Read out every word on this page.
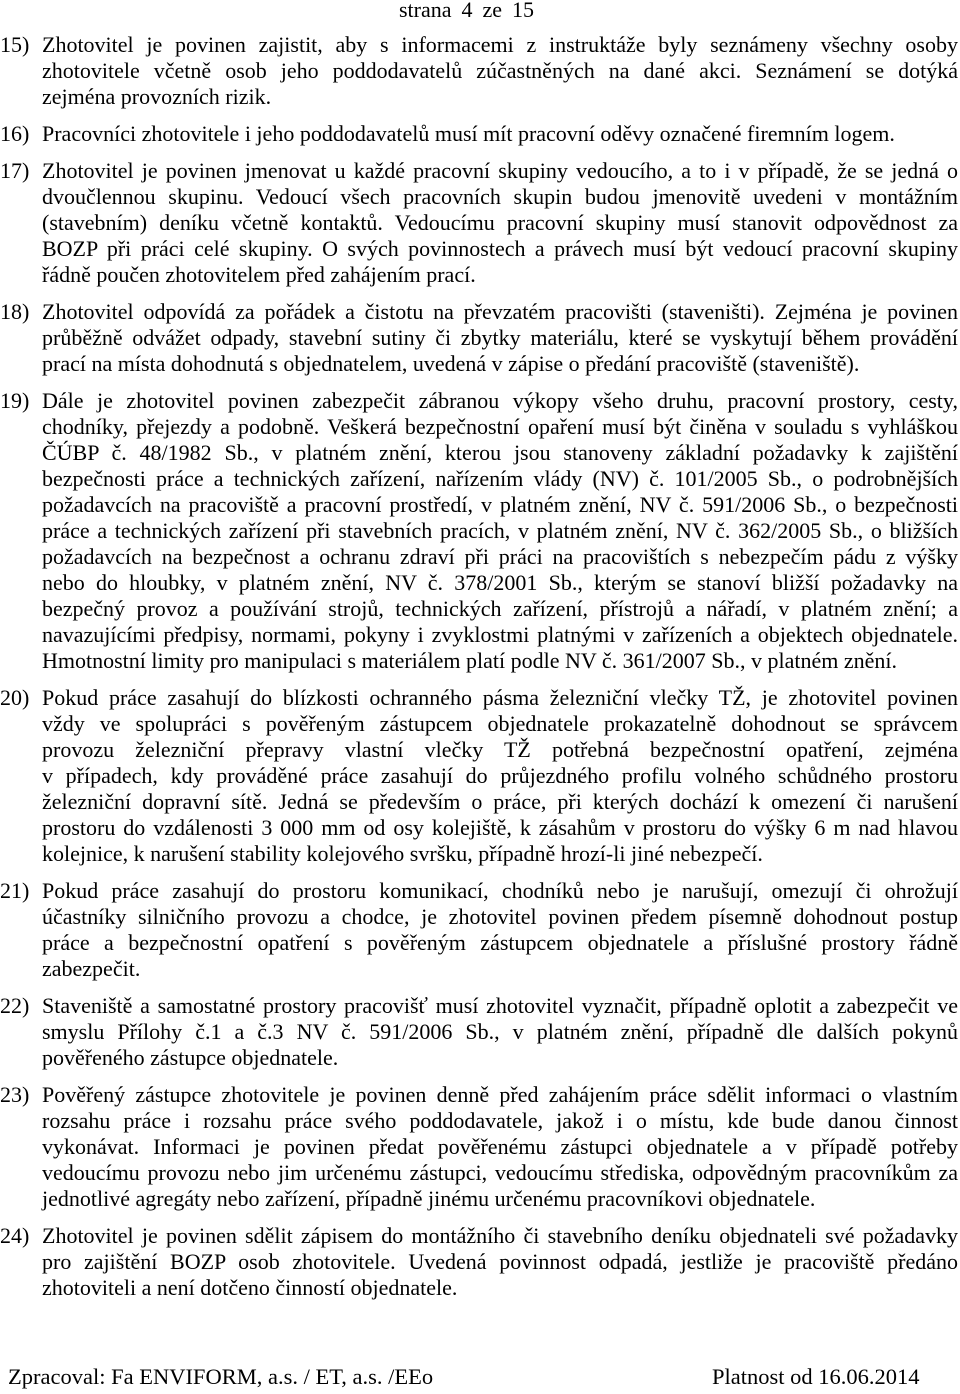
strana 4 ze 15
15) Zhotovitel je povinen zajistit, aby s informacemi z instruktáže byly seznámeny všechny osoby
zhotovitele včetně osob jeho poddodavatelů zúčastněných na dané akci. Seznámení se dotýká
zejména provozních rizik.
16) Pracovníci zhotovitele i jeho poddodavatelů musí mít pracovní oděvy označené firemním logem.
17) Zhotovitel je povinen jmenovat u každé pracovní skupiny vedoucího, a to i v případě, že se jedná o
dvoučlennou skupinu. Vedoucí všech pracovních skupin budou jmenovitě uvedeni v montážním
(stavebním) deníku včetně kontaktů. Vedoucímu pracovní skupiny musí stanovit odpovědnost za
BOZP při práci celé skupiny. O svých povinnostech a právech musí být vedoucí pracovní skupiny
řádně poučen zhotovitelem před zahájením prací.
18) Zhotovitel odpovídá za pořádek a čistotu na převzatém pracovišti (staveništi). Zejména je povinen
průběžně odvážet odpady, stavební sutiny či zbytky materiálu, které se vyskytují během provádění
prací na místa dohodnutá s objednatelem, uvedená v zápise o předání pracoviště (staveniště).
19) Dále je zhotovitel povinen zabezpečit zábranou výkopy všeho druhu, pracovní prostory, cesty,
chodníky, přejezdy a podobně. Veškerá bezpečnostní opaření musí být činěna v souladu s vyhláškou
ČÚBP č. 48/1982 Sb., v platném znění, kterou jsou stanoveny základní požadavky k zajištění
bezpečnosti práce a technických zařízení, nařízením vlády (NV) č. 101/2005 Sb., o podrobnějších
požadavcích na pracoviště a pracovní prostředí, v platném znění, NV č. 591/2006 Sb., o bezpečnosti
práce a technických zařízení při stavebních pracích, v platném znění, NV č. 362/2005 Sb., o bližších
požadavcích na bezpečnost a ochranu zdraví při práci na pracovištích s nebezpečím pádu z výšky
nebo do hloubky, v platném znění, NV č. 378/2001 Sb., kterým se stanoví bližší požadavky na
bezpečný provoz a používání strojů, technických zařízení, přístrojů a nářadí, v platném znění; a
navazujícími předpisy, normami, pokyny i zvyklostmi platnými v zařízeních a objektech objednatele.
Hmotnostní limity pro manipulaci s materiálem platí podle NV č. 361/2007 Sb., v platném znění.
20) Pokud práce zasahují do blízkosti ochranného pásma železniční vlečky TŽ, je zhotovitel povinen
vždy ve spolupráci s pověřeným zástupcem objednatele prokazatelně dohodnout se správcem
provozu železniční přepravy vlastní vlečky TŽ potřebná bezpečnostní opatření, zejména
v případech, kdy prováděné práce zasahují do průjezdného profilu volného schůdného prostoru
železniční dopravní sítě. Jedná se především o práce, při kterých dochází k omezení či narušení
prostoru do vzdálenosti 3 000 mm od osy kolejiště, k zásahům v prostoru do výšky 6 m nad hlavou
kolejnice, k narušení stability kolejového svršku, případně hrozí-li jiné nebezpečí.
21) Pokud práce zasahují do prostoru komunikací, chodníků nebo je narušují, omezují či ohrožují
účastníky silničního provozu a chodce, je zhotovitel povinen předem písemně dohodnout postup
práce a bezpečnostní opatření s pověřeným zástupcem objednatele a příslušné prostory řádně
zabezpečit.
22) Staveniště a samostatné prostory pracovišť musí zhotovitel vyznačit, případně oplotit a zabezpečit ve
smyslu Přílohy č.1 a č.3 NV č. 591/2006 Sb., v platném znění, případně dle dalších pokynů
pověřeného zástupce objednatele.
23) Pověřený zástupce zhotovitele je povinen denně před zahájením práce sdělit informaci o vlastním
rozsahu práce i rozsahu práce svého poddodavatele, jakož i o místu, kde bude danou činnost
vykonávat. Informaci je povinen předat pověřenému zástupci objednatele a v případě potřeby
vedoucímu provozu nebo jim určenému zástupci, vedoucímu střediska, odpovědným pracovníkům za
jednotlivé agregáty nebo zařízení, případně jinému určenému pracovníkovi objednatele.
24) Zhotovitel je povinen sdělit zápisem do montážního či stavebního deníku objednateli své požadavky
pro zajištění BOZP osob zhotovitele. Uvedená povinnost odpadá, jestliže je pracoviště předáno
zhotoviteli a není dotčeno činností objednatele.
Zpracoval: Fa ENVIFORM, a.s. / ET, a.s. /EEo	Platnost od 16.06.2014
